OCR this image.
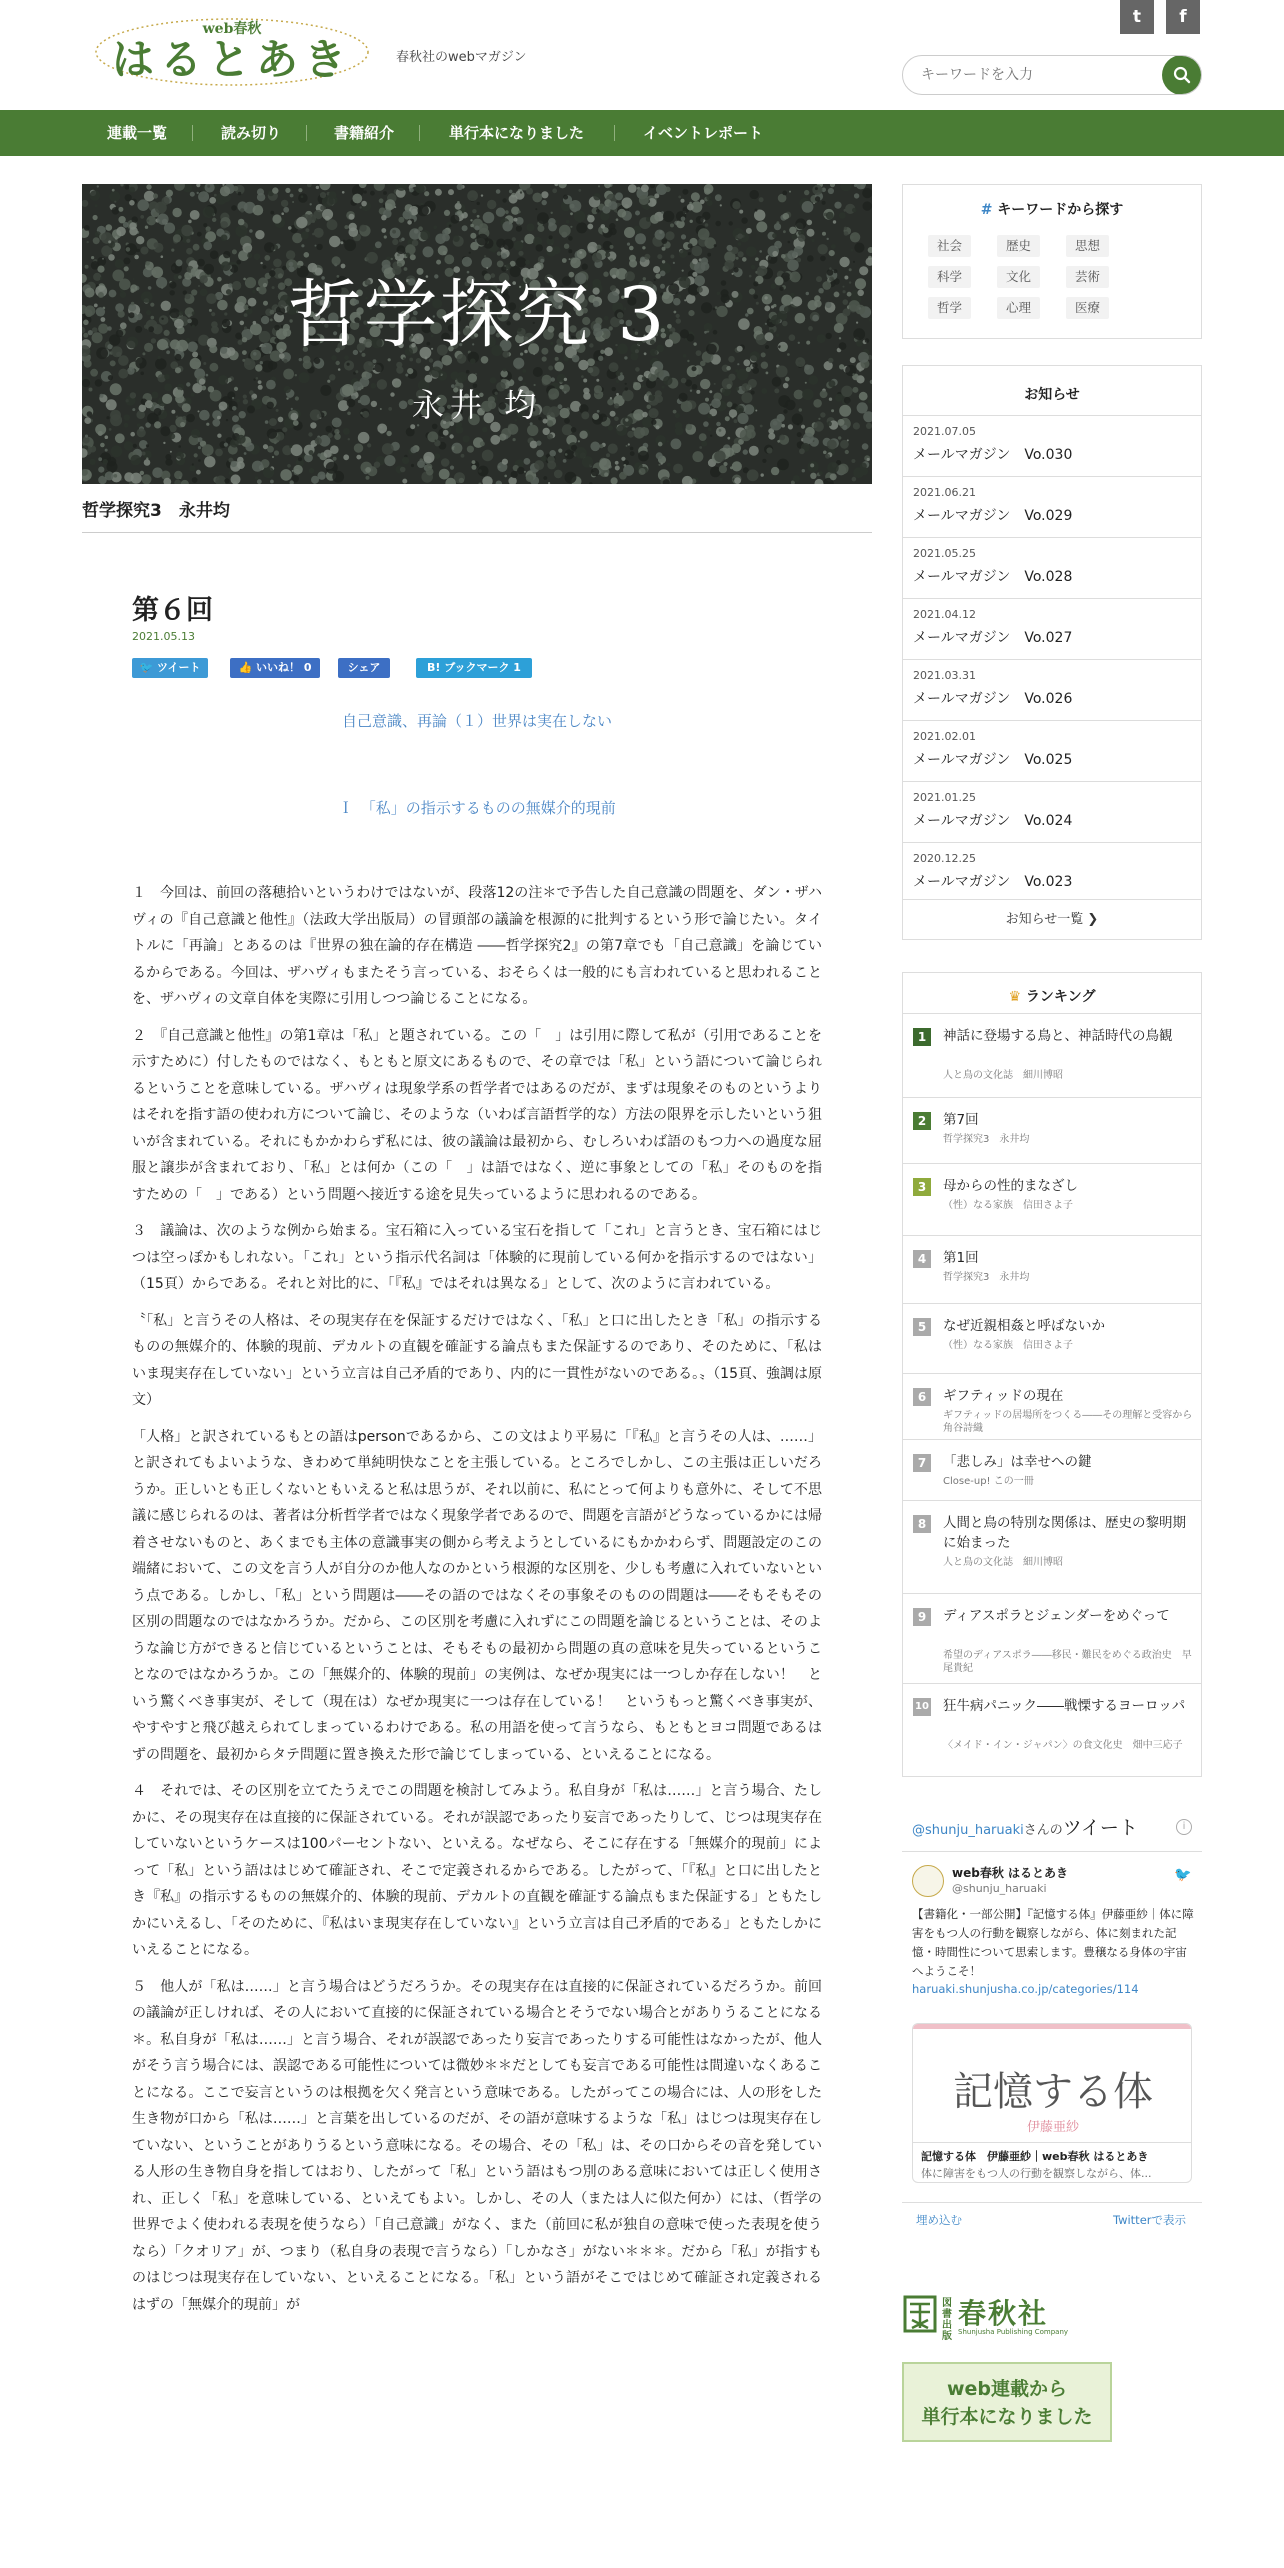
web春秋
はるとあき	春秋社のwebマガジン
t	f
キーワードを入力
連載一覧	読み切り	書籍紹介	単行本になりました	イベントレポート
哲学探究 3
永井 均
哲学探究3　永井均
第６回
2021.05.13
🐦 ツイート	👍 いいね！ 0	シェア	B! ブックマーク 1
自己意識、再論（１）世界は実在しない
Ｉ　「私」の指示するものの無媒介的現前

１　今回は、前回の落穂拾いというわけではないが、段落12の注＊で予告した自己意識の問題を、ダン・ザハヴィの『自己意識と他性』（法政大学出版局）の冒頭部の議論を根源的に批判するという形で論じたい。タイトルに「再論」とあるのは『世界の独在論的存在構造 ――哲学探究2』の第7章でも「自己意識」を論じているからである。今回は、ザハヴィもまたそう言っている、おそらくは一般的にも言われていると思われることを、ザハヴィの文章自体を実際に引用しつつ論じることになる。

２　『自己意識と他性』の第1章は「私」と題されている。この「　」は引用に際して私が（引用であることを示すために）付したものではなく、もともと原文にあるもので、その章では「私」という語について論じられるということを意味している。ザハヴィは現象学系の哲学者ではあるのだが、まずは現象そのものというよりはそれを指す語の使われ方について論じ、そのような（いわば言語哲学的な）方法の限界を示したいという狙いが含まれている。それにもかかわらず私には、彼の議論は最初から、むしろいわば語のもつ力への過度な屈服と譲歩が含まれており、「私」とは何か（この「　」は語ではなく、逆に事象としての「私」そのものを指すための「　」である）という問題へ接近する途を見失っているように思われるのである。

３　議論は、次のような例から始まる。宝石箱に入っている宝石を指して「これ」と言うとき、宝石箱にはじつは空っぽかもしれない。「これ」という指示代名詞は「体験的に現前している何かを指示するのではない」（15頁）からである。それと対比的に、「『私』ではそれは異なる」として、次のように言われている。

〝「私」と言うその人格は、その現実存在を保証するだけではなく、「私」と口に出したとき「私」の指示するものの無媒介的、体験的現前、デカルトの直観を確証する論点もまた保証するのであり、そのために、「私はいま現実存在していない」という立言は自己矛盾的であり、内的に一貫性がないのである。〟（15頁、強調は原文）

「人格」と訳されているもとの語はpersonであるから、この文はより平易に「『私』と言うその人は、……」と訳されてもよいような、きわめて単純明快なことを主張している。ところでしかし、この主張は正しいだろうか。正しいとも正しくないともいえると私は思うが、それ以前に、私にとって何よりも意外に、そして不思議に感じられるのは、著者は分析哲学者ではなく現象学者であるので、問題を言語がどうなっているかには帰着させないものと、あくまでも主体の意識事実の側から考えようとしているにもかかわらず、問題設定のこの端緒において、この文を言う人が自分のか他人なのかという根源的な区別を、少しも考慮に入れていないという点である。しかし、「私」という問題は――その語のではなくその事象そのものの問題は――そもそもその区別の問題なのではなかろうか。だから、この区別を考慮に入れずにこの問題を論じるということは、そのような論じ方ができると信じているということは、そもそもの最初から問題の真の意味を見失っているということなのではなかろうか。この「無媒介的、体験的現前」の実例は、なぜか現実には一つしか存在しない！　という驚くべき事実が、そして（現在は）なぜか現実に一つは存在している！　というもっと驚くべき事実が、やすやすと飛び越えられてしまっているわけである。私の用語を使って言うなら、もともとヨコ問題であるはずの問題を、最初からタテ問題に置き換えた形で論じてしまっている、といえることになる。

４　それでは、その区別を立てたうえでこの問題を検討してみよう。私自身が「私は……」と言う場合、たしかに、その現実存在は直接的に保証されている。それが誤認であったり妄言であったりして、じつは現実存在していないというケースは100パーセントない、といえる。なぜなら、そこに存在する「無媒介的現前」によって「私」という語ははじめて確証され、そこで定義されるからである。したがって、「『私』と口に出したとき『私』の指示するものの無媒介的、体験的現前、デカルトの直観を確証する論点もまた保証する」ともたしかにいえるし、「そのために、『私はいま現実存在していない』という立言は自己矛盾的である」ともたしかにいえることになる。

５　他人が「私は……」と言う場合はどうだろうか。その現実存在は直接的に保証されているだろうか。前回の議論が正しければ、その人において直接的に保証されている場合とそうでない場合とがありうることになる＊。私自身が「私は……」と言う場合、それが誤認であったり妄言であったりする可能性はなかったが、他人がそう言う場合には、誤認である可能性については微妙＊＊だとしても妄言である可能性は間違いなくあることになる。ここで妄言というのは根拠を欠く発言という意味である。したがってこの場合には、人の形をした生き物が口から「私は……」と言葉を出しているのだが、その語が意味するような「私」はじつは現実存在していない、ということがありうるという意味になる。その場合、その「私」は、その口からその音を発している人形の生き物自身を指してはおり、したがって「私」という語はもつ別のある意味においては正しく使用され、正しく「私」を意味している、といえてもよい。しかし、その人（または人に似た何か）には、（哲学の世界でよく使われる表現を使うなら）「自己意識」がなく、また（前回に私が独自の意味で使った表現を使うなら）「クオリア」が、つまり（私自身の表現で言うなら）「しかなさ」がない＊＊＊。だから「私」が指すものはじつは現実存在していない、といえることになる。「私」という語がそこではじめて確証され定義されるはずの「無媒介的現前」が

# キーワードから探す
社会	歴史	思想
科学	文化	芸術
哲学	心理	医療
お知らせ
2021.07.05
メールマガジン　Vo.030
2021.06.21
メールマガジン　Vo.029
2021.05.25
メールマガジン　Vo.028
2021.04.12
メールマガジン　Vo.027
2021.03.31
メールマガジン　Vo.026
2021.02.01
メールマガジン　Vo.025
2021.01.25
メールマガジン　Vo.024
2020.12.25
メールマガジン　Vo.023
お知らせ一覧 ❯
♛ ランキング
1	神話に登場する鳥と、神話時代の鳥観
人と鳥の文化誌　細川博昭
2	第7回
哲学探究3　永井均
3	母からの性的まなざし
（性）なる家族　信田さよ子
4	第1回
哲学探究3　永井均
5	なぜ近親相姦と呼ばないか
（性）なる家族　信田さよ子
6	ギフティッドの現在
ギフティッドの居場所をつくる――その理解と受容から　角谷詩織
7	「悲しみ」は幸せへの鍵
Close-up! この一冊
8	人間と鳥の特別な関係は、歴史の黎明期に始まった
人と鳥の文化誌　細川博昭
9	ディアスポラとジェンダーをめぐって
希望のディアスポラ――移民・難民をめぐる政治史　早尾貴紀
10 狂牛病パニック――戦慄するヨーロッパ
〈メイド・イン・ジャパン〉の食文化史　畑中三応子
@shunju_haruakiさんのツイート	i
web春秋 はるとあき
@shunju_haruaki
🐦
【書籍化・一部公開】『記憶する体』伊藤亜紗｜体に障害をもつ人の行動を観察しながら、体に刻まれた記憶・時間性について思索します。豊穣なる身体の宇宙へようこそ！
haruaki.shunjusha.co.jp/categories/114
記憶する体
伊藤亜紗
記憶する体　伊藤亜紗｜web春秋 はるとあき
体に障害をもつ人の行動を観察しながら、体...
埋め込む	Twitterで表示
図書出版
春秋社
Shunjusha Publishing Company
web連載から
単行本になりました
